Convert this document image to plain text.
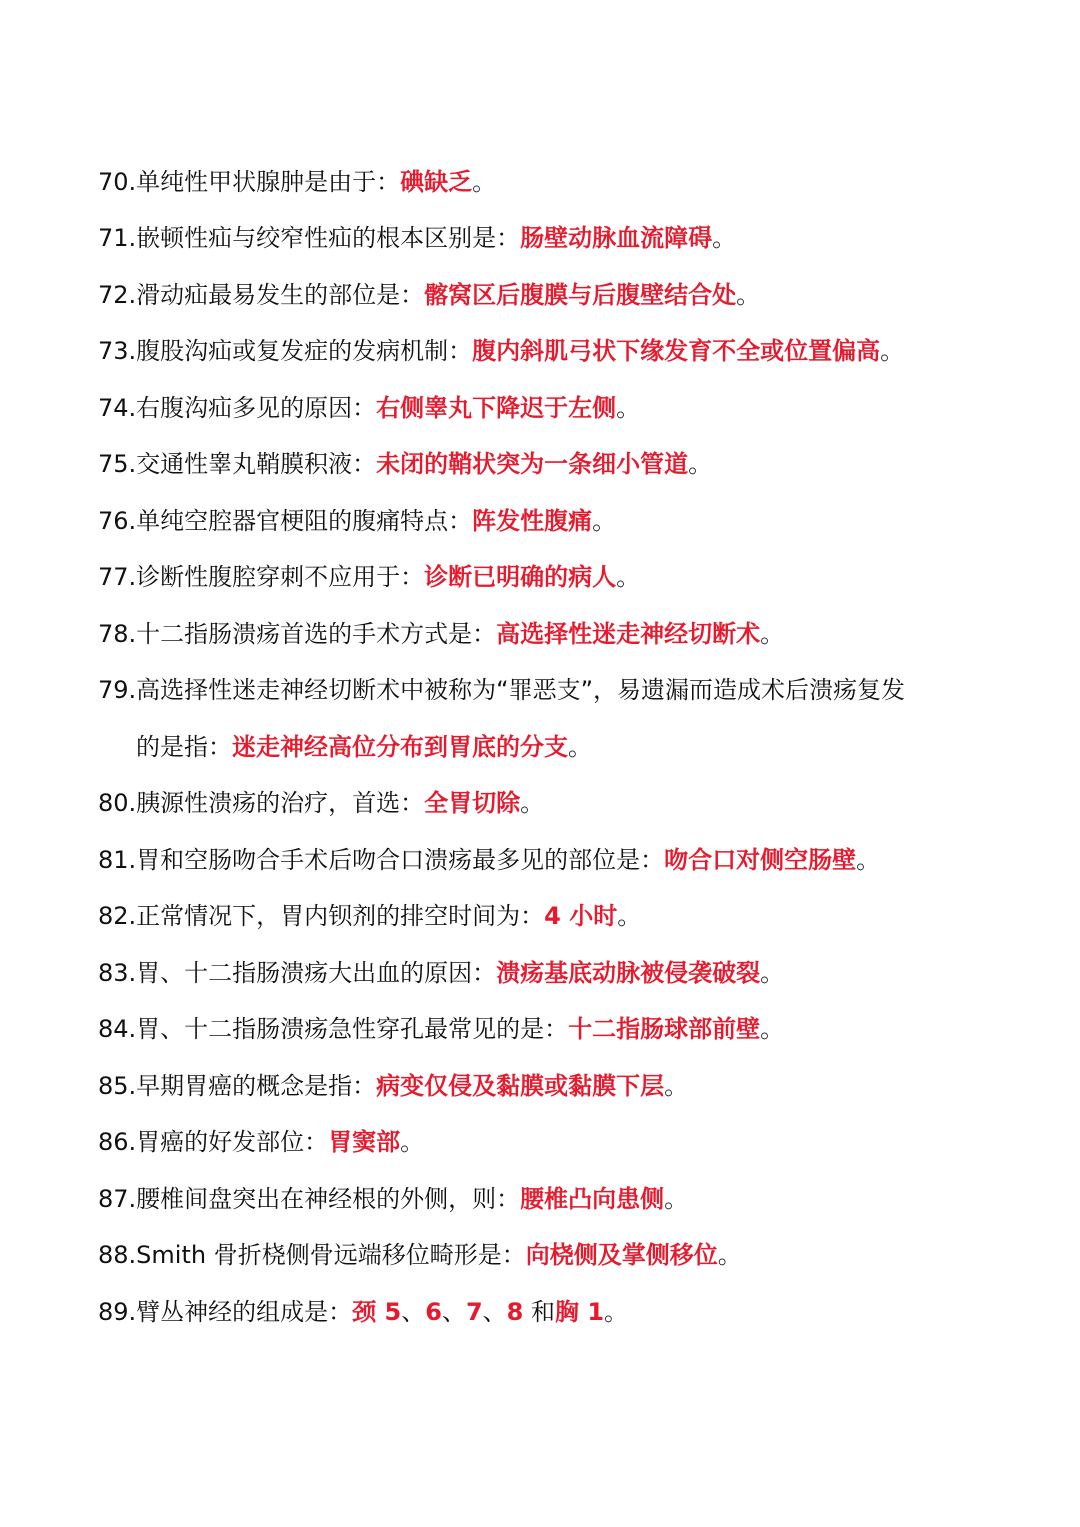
70.单纯性甲状腺肿是由于：碘缺乏。
71.嵌顿性疝与绞窄性疝的根本区别是：肠壁动脉血流障碍。
72.滑动疝最易发生的部位是：髂窝区后腹膜与后腹壁结合处。
73.腹股沟疝或复发症的发病机制：腹内斜肌弓状下缘发育不全或位置偏高。
74.右腹沟疝多见的原因：右侧睾丸下降迟于左侧。
75.交通性睾丸鞘膜积液：未闭的鞘状突为一条细小管道。
76.单纯空腔器官梗阻的腹痛特点：阵发性腹痛。
77.诊断性腹腔穿刺不应用于：诊断已明确的病人。
78.十二指肠溃疡首选的手术方式是：高选择性迷走神经切断术。
79.高选择性迷走神经切断术中被称为“罪恶支”，易遗漏而造成术后溃疡复发
的是指：迷走神经高位分布到胃底的分支。
80.胰源性溃疡的治疗，首选：全胃切除。
81.胃和空肠吻合手术后吻合口溃疡最多见的部位是：吻合口对侧空肠壁。
82.正常情况下，胃内钡剂的排空时间为：4 小时。
83.胃、十二指肠溃疡大出血的原因：溃疡基底动脉被侵袭破裂。
84.胃、十二指肠溃疡急性穿孔最常见的是：十二指肠球部前壁。
85.早期胃癌的概念是指：病变仅侵及黏膜或黏膜下层。
86.胃癌的好发部位：胃窦部。
87.腰椎间盘突出在神经根的外侧，则：腰椎凸向患侧。
88.Smith 骨折桡侧骨远端移位畸形是：向桡侧及掌侧移位。
89.臂丛神经的组成是：颈 5、6、7、8 和胸 1。
